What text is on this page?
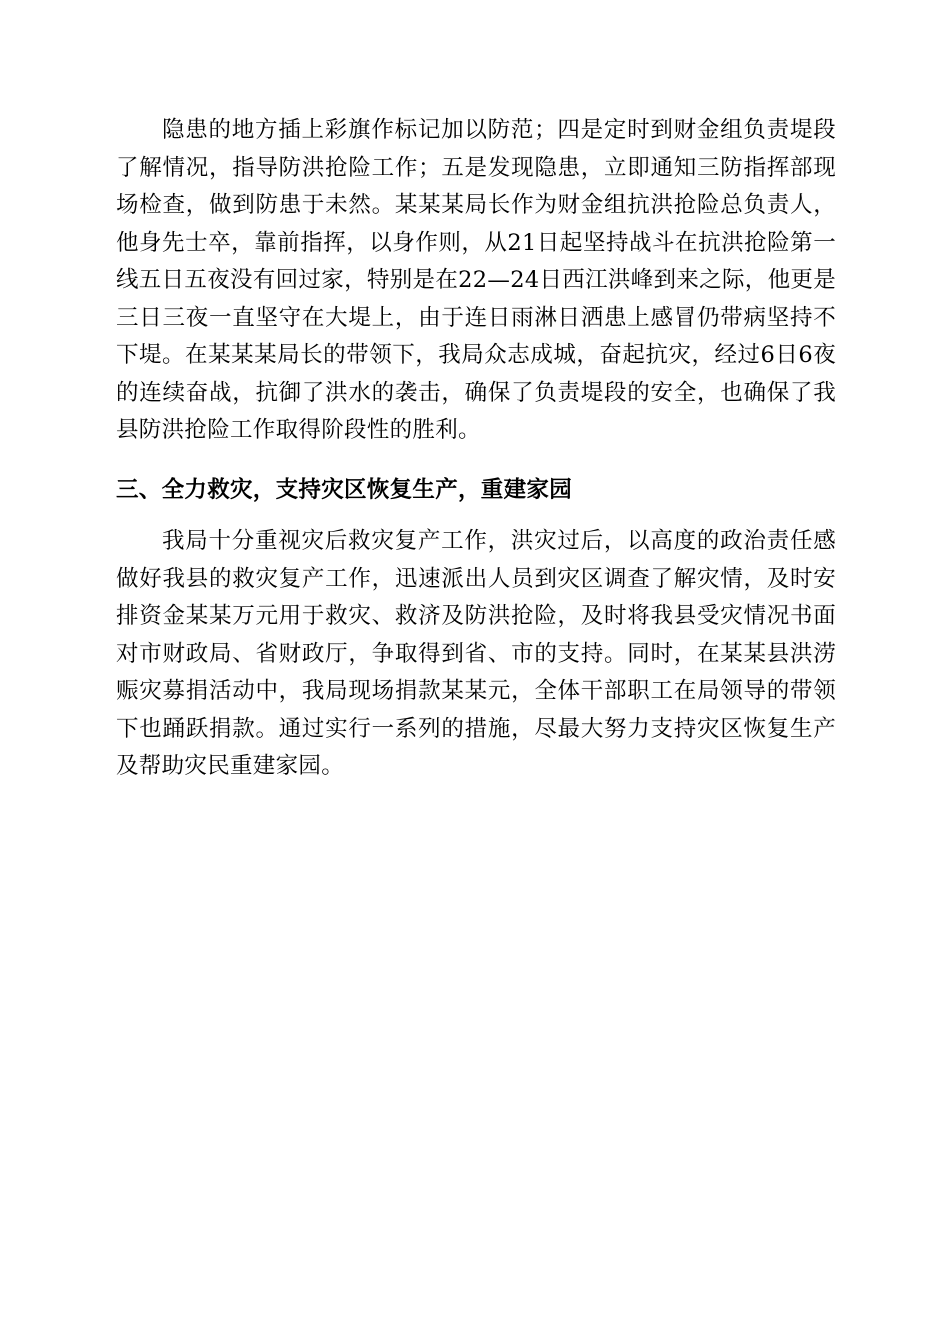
隐患的地方插上彩旗作标记加以防范；四是定时到财金组负责堤段了解情况，指导防洪抢险工作；五是发现隐患，立即通知三防指挥部现场检查，做到防患于未然。某某某局长作为财金组抗洪抢险总负责人，他身先士卒，靠前指挥，以身作则，从21日起坚持战斗在抗洪抢险第一线五日五夜没有回过家，特别是在22—24日西江洪峰到来之际，他更是三日三夜一直坚守在大堤上，由于连日雨淋日洒患上感冒仍带病坚持不下堤。在某某某局长的带领下，我局众志成城，奋起抗灾，经过6日6夜的连续奋战，抗御了洪水的袭击，确保了负责堤段的安全，也确保了我县防洪抢险工作取得阶段性的胜利。

三、全力救灾，支持灾区恢复生产，重建家园

我局十分重视灾后救灾复产工作，洪灾过后，以高度的政治责任感做好我县的救灾复产工作，迅速派出人员到灾区调查了解灾情，及时安排资金某某万元用于救灾、救济及防洪抢险，及时将我县受灾情况书面对市财政局、省财政厅，争取得到省、市的支持。同时，在某某县洪涝赈灾募捐活动中，我局现场捐款某某元，全体干部职工在局领导的带领下也踊跃捐款。通过实行一系列的措施，尽最大努力支持灾区恢复生产及帮助灾民重建家园。
